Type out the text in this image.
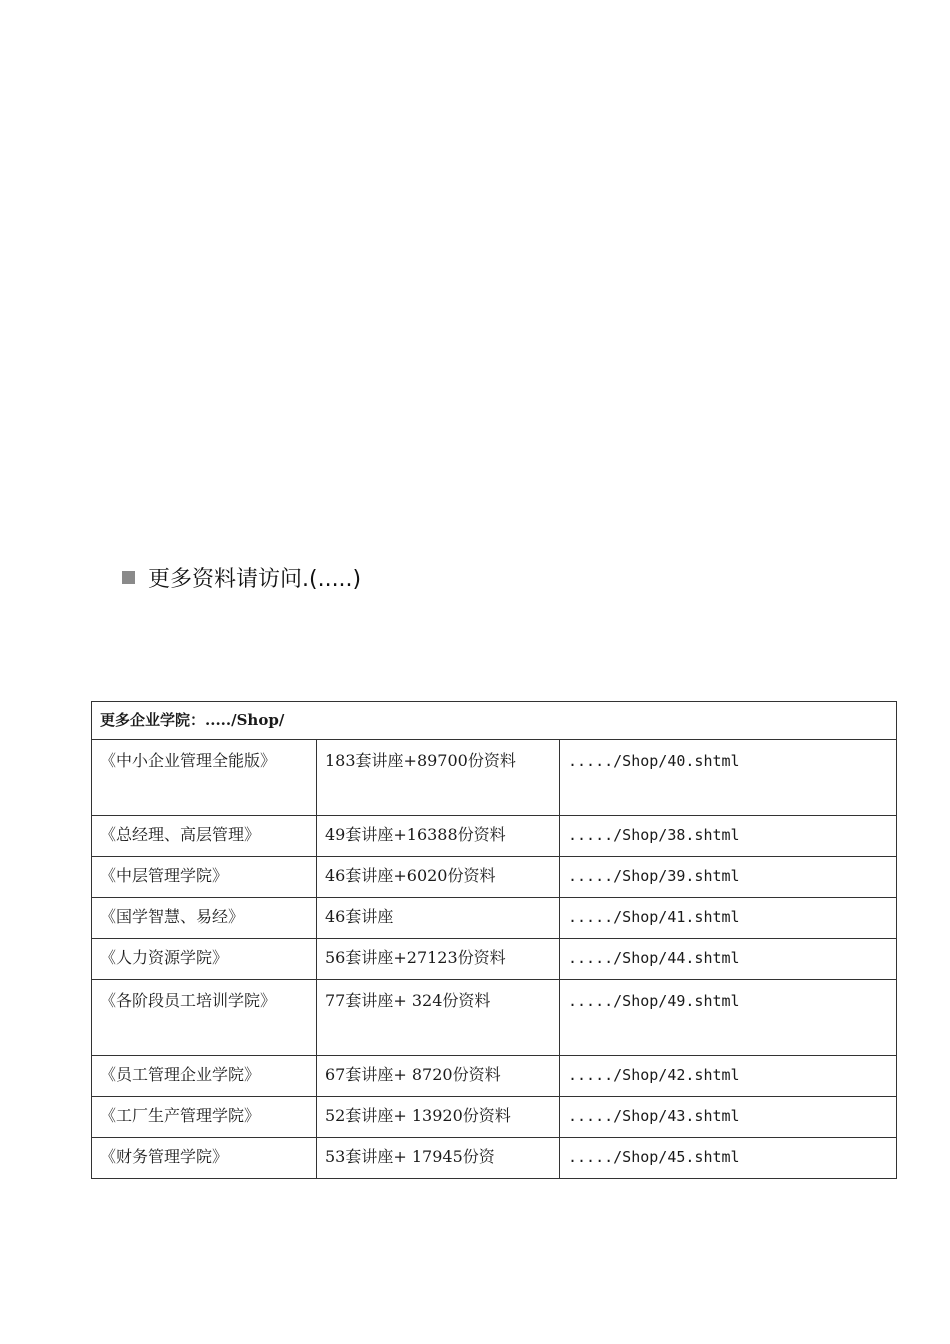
更多资料请访问.(.....)
更多企业学院：...../Shop/		
《中小企业管理全能版》	183套讲座+89700份资料	...../Shop/40.shtml
《总经理、高层管理》	49套讲座+16388份资料	...../Shop/38.shtml
《中层管理学院》	46套讲座+6020份资料	...../Shop/39.shtml
《国学智慧、易经》	46套讲座	...../Shop/41.shtml
《人力资源学院》	56套讲座+27123份资料	...../Shop/44.shtml
《各阶段员工培训学院》	77套讲座+ 324份资料	...../Shop/49.shtml
《员工管理企业学院》	67套讲座+ 8720份资料	...../Shop/42.shtml
《工厂生产管理学院》	52套讲座+ 13920份资料	...../Shop/43.shtml
《财务管理学院》	53套讲座+ 17945份资	...../Shop/45.shtml
